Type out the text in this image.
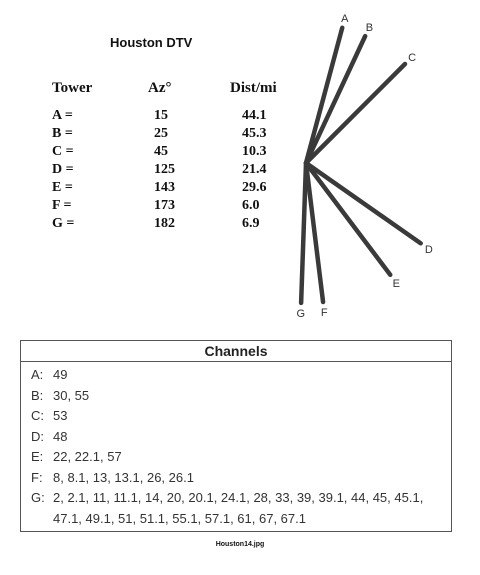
Houston DTV
Tower	Az°	Dist/mi
A =	15	44.1
B =	25	45.3
C =	45	10.3
D =	125	21.4
E =	143	29.6
F =	173	6.0
G =	182	6.9
A
B
C
D
E
F
G
Channels
A: 49
B: 30, 55
C: 53
D: 48
E: 22, 22.1, 57
F: 8, 8.1, 13, 13.1, 26, 26.1
G: 2, 2.1, 11, 11.1, 14, 20, 20.1, 24.1, 28, 33, 39, 39.1, 44, 45, 45.1, 47.1, 49.1, 51, 51.1, 55.1, 57.1, 61, 67, 67.1
Houston14.jpg
